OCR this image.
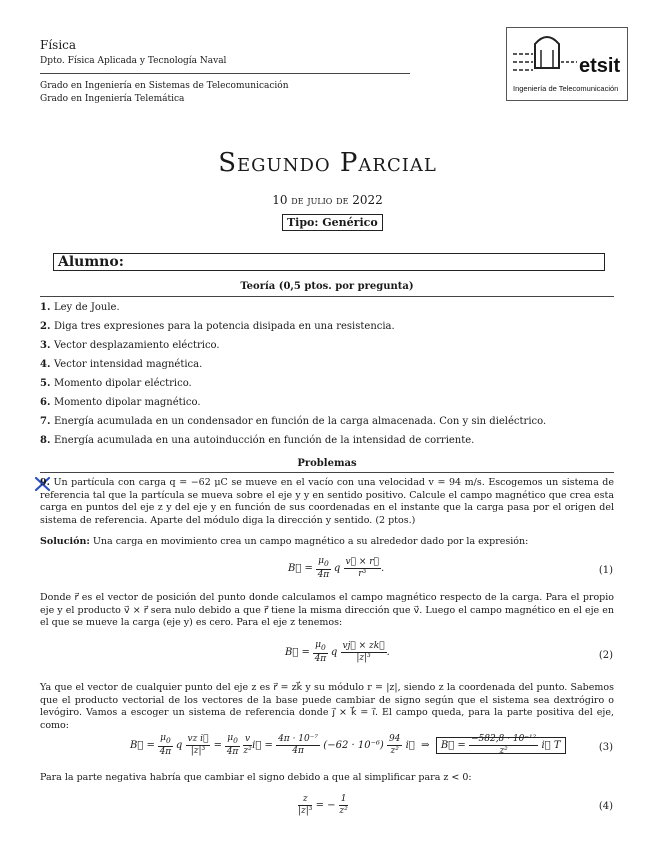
Física
Dpto. Física Aplicada y Tecnología Naval
Grado en Ingeniería en Sistemas de Telecomunicación
Grado en Ingeniería Telemática
etsit
Ingeniería de Telecomunicación
Segundo Parcial
10 de julio de 2022
Tipo: Genérico
Alumno:
Teoría (0,5 ptos. por pregunta)
1. Ley de Joule.
2. Diga tres expresiones para la potencia disipada en una resistencia.
3. Vector desplazamiento eléctrico.
4. Vector intensidad magnética.
5. Momento dipolar eléctrico.
6. Momento dipolar magnético.
7. Energía acumulada en un condensador en función de la carga almacenada. Con y sin dieléctrico.
8. Energía acumulada en una autoinducción en función de la intensidad de corriente.
Problemas
9. Un partícula con carga q = −62 μC se mueve en el vacío con una velocidad v = 94 m/s. Escogemos un sistema de referencia tal que la partícula se mueva sobre el eje y y en sentido positivo. Calcule el campo magnético que crea esta carga en puntos del eje z y del eje y en función de sus coordenadas en el instante que la carga pasa por el origen del sistema de referencia. Aparte del módulo diga la dirección y sentido. (2 ptos.)
Solución: Una carga en movimiento crea un campo magnético a su alrededor dado por la expresión:
B⃗ = $\frac{\mu_0}{4\pi}$ q $\frac{v⃗ \times r⃗}{\text{r³}}$ .	(1)
Donde r⃗ es el vector de posición del punto donde calculamos el campo magnético respecto de la carga. Para el propio eje y el producto v⃗ × r⃗ sera nulo debido a que r⃗ tiene la misma dirección que v⃗. Luego el campo magnético en el eje en el que se mueve la carga (eje y) es cero. Para el eje z tenemos:
B⃗ = $\frac{\mu_0}{4\pi}$ q $\frac{vj⃗ \times zk⃗}{\text{|z|³}}$ .	(2)
Ya que el vector de cualquier punto del eje z es r⃗ = zk⃗ y su módulo r = |z|, siendo z la coordenada del punto. Sabemos que el producto vectorial de los vectores de la base puede cambiar de signo según que el sistema sea dextrógiro o levógiro. Vamos a escoger un sistema de referencia donde j⃗ × k⃗ = i⃗. El campo queda, para la parte positiva del eje, como:
B⃗ = $\frac{\mu_0}{4\pi}$ q $\frac{\text{vz i⃗}}{\text{|z|³}} = \frac{\mu_0}{4\pi}$
$\frac{v}{\text{z²}}$ i⃗ = $\frac{\text{4π · 10⁻⁷}}{4\pi} (-62 \cdot 10^{-6}) \frac{94}{\text{z²}}$ i⃗  ⇒  B⃗ = $\frac{\text{−582,8 · 10⁻¹²}}{\text{z²}}$ i⃗ T	(3)
Para la parte negativa habría que cambiar el signo debido a que al simplificar para z < 0:
$\frac{z}{\text{|z|³}}$ = − $\frac{1}{\text{z²}}$	(4)
